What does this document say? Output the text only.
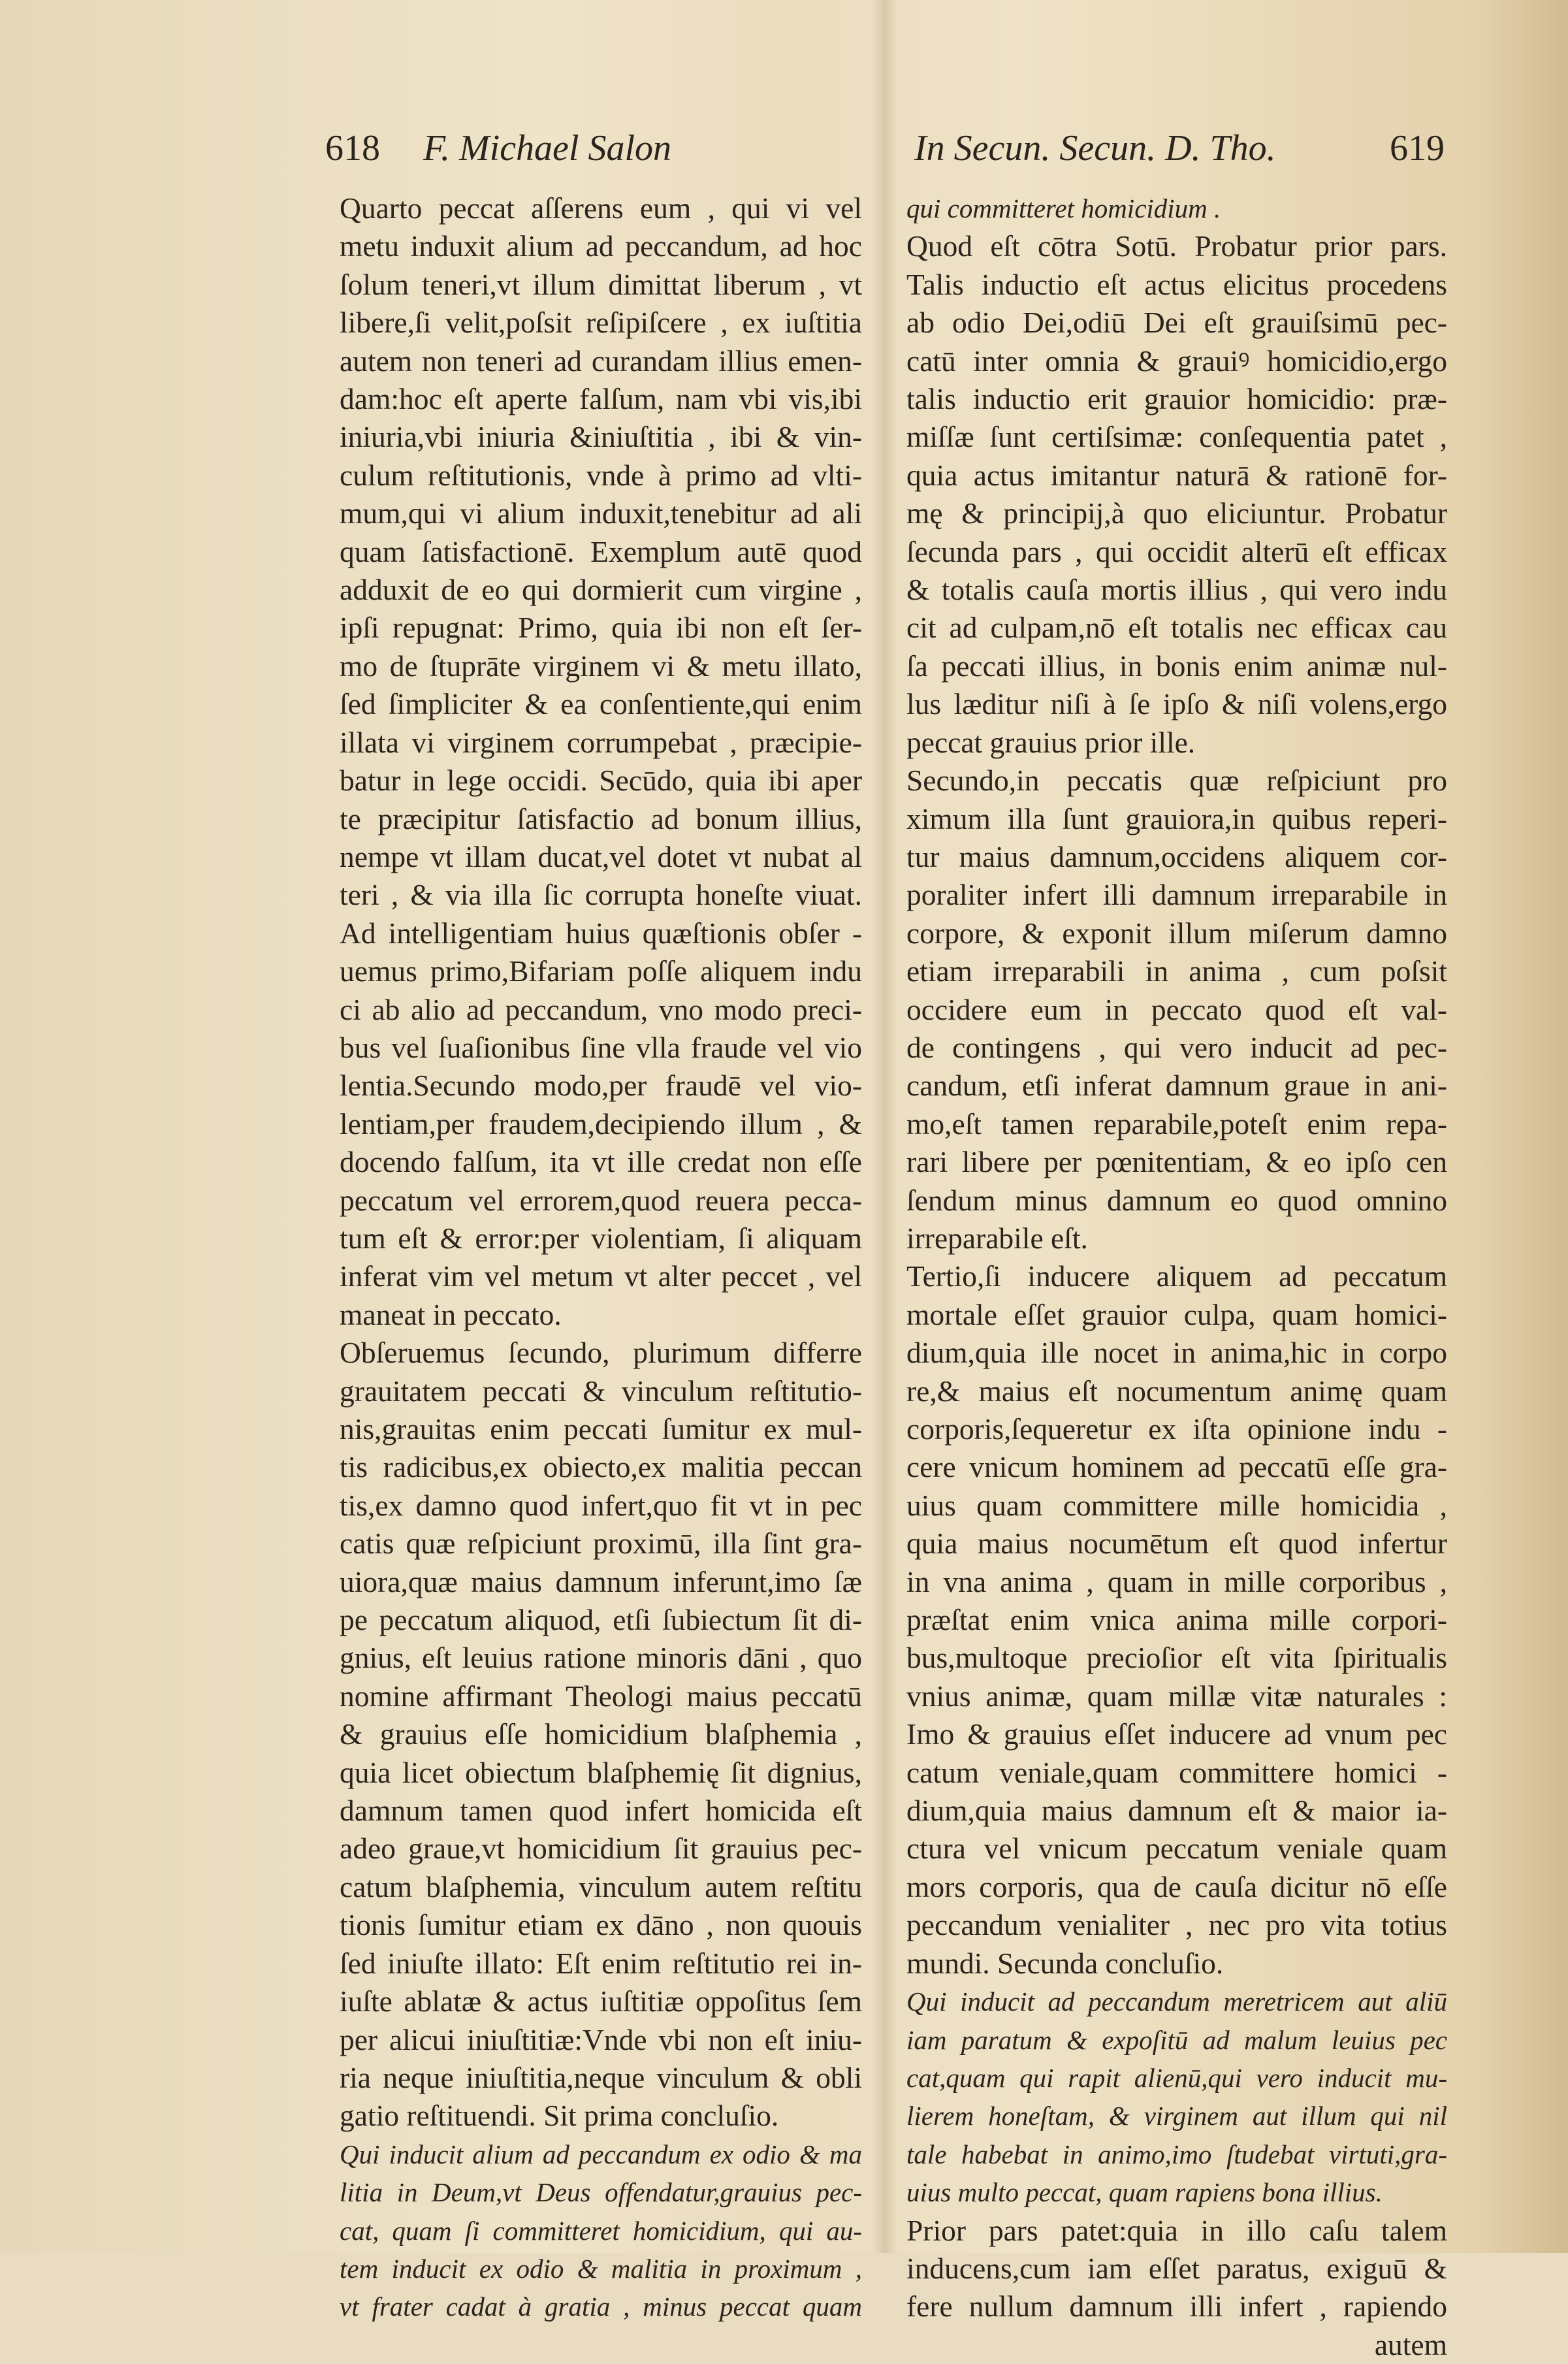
618 F. Michael Salon	In Secun. Secun. D. Tho.	619
Quarto peccat aſſerens eum , qui vi vel
metu induxit alium ad peccandum, ad hoc
ſolum teneri,vt illum dimittat liberum , vt
libere,ſi velit,poſsit reſipiſcere , ex iuſtitia
autem non teneri ad curandam illius emen-
dam:hoc eſt aperte falſum, nam vbi vis,ibi
iniuria,vbi iniuria &iniuſtitia , ibi & vin-
culum reſtitutionis, vnde à primo ad vlti-
mum,qui vi alium induxit,tenebitur ad ali
quam ſatisfactionē. Exemplum autē quod
adduxit de eo qui dormierit cum virgine ,
ipſi repugnat: Primo, quia ibi non eſt ſer-
mo de ſtuprāte virginem vi & metu illato,
ſed ſimpliciter & ea conſentiente,qui enim
illata vi virginem corrumpebat , præcipie-
batur in lege occidi. Secūdo, quia ibi aper
te præcipitur ſatisfactio ad bonum illius,
nempe vt illam ducat,vel dotet vt nubat al
teri , & via illa ſic corrupta honeſte viuat.
Ad intelligentiam huius quæſtionis obſer -
uemus primo,Bifariam poſſe aliquem indu
ci ab alio ad peccandum, vno modo preci-
bus vel ſuaſionibus ſine vlla fraude vel vio
lentia.Secundo modo,per fraudē vel vio-
lentiam,per fraudem,decipiendo illum , &
docendo falſum, ita vt ille credat non eſſe
peccatum vel errorem,quod reuera pecca-
tum eſt & error:per violentiam, ſi aliquam
inferat vim vel metum vt alter peccet , vel
maneat in peccato.
Obſeruemus ſecundo, plurimum differre
grauitatem peccati & vinculum reſtitutio-
nis,grauitas enim peccati ſumitur ex mul-
tis radicibus,ex obiecto,ex malitia peccan
tis,ex damno quod infert,quo fit vt in pec
catis quæ reſpiciunt proximū, illa ſint gra-
uiora,quæ maius damnum inferunt,imo ſæ
pe peccatum aliquod, etſi ſubiectum ſit di-
gnius, eſt leuius ratione minoris dāni , quo
nomine affirmant Theologi maius peccatū
& grauius eſſe homicidium blaſphemia ,
quia licet obiectum blaſphemię ſit dignius,
damnum tamen quod infert homicida eſt
adeo graue,vt homicidium ſit grauius pec-
catum blaſphemia, vinculum autem reſtitu
tionis ſumitur etiam ex dāno , non quouis
ſed iniuſte illato: Eſt enim reſtitutio rei in-
iuſte ablatæ & actus iuſtitiæ oppoſitus ſem
per alicui iniuſtitiæ:Vnde vbi non eſt iniu-
ria neque iniuſtitia,neque vinculum & obli
gatio reſtituendi. Sit prima concluſio.
Qui inducit alium ad peccandum ex odio & ma
litia in Deum,vt Deus offendatur,grauius pec-
cat, quam ſi committeret homicidium, qui au-
tem inducit ex odio & malitia in proximum ,
vt frater cadat à gratia , minus peccat quam
qui committeret homicidium .
Quod eſt cōtra Sotū. Probatur prior pars.
Talis inductio eſt actus elicitus procedens
ab odio Dei,odiū Dei eſt grauiſsimū pec-
catū inter omnia & grauiꝰ homicidio,ergo
talis inductio erit grauior homicidio: præ-
miſſæ ſunt certiſsimæ: conſequentia patet ,
quia actus imitantur naturā & rationē for-
mę & principij,à quo eliciuntur. Probatur
ſecunda pars , qui occidit alterū eſt efficax
& totalis cauſa mortis illius , qui vero indu
cit ad culpam,nō eſt totalis nec efficax cau
ſa peccati illius, in bonis enim animæ nul-
lus læditur niſi à ſe ipſo & niſi volens,ergo
peccat grauius prior ille.
Secundo,in peccatis quæ reſpiciunt pro
ximum illa ſunt grauiora,in quibus reperi-
tur maius damnum,occidens aliquem cor-
poraliter infert illi damnum irreparabile in
corpore, & exponit illum miſerum damno
etiam irreparabili in anima , cum poſsit
occidere eum in peccato quod eſt val-
de contingens , qui vero inducit ad pec-
candum, etſi inferat damnum graue in ani-
mo,eſt tamen reparabile,poteſt enim repa-
rari libere per pœnitentiam, & eo ipſo cen
ſendum minus damnum eo quod omnino
irreparabile eſt.
Tertio,ſi inducere aliquem ad peccatum
mortale eſſet grauior culpa, quam homici-
dium,quia ille nocet in anima,hic in corpo
re,& maius eſt nocumentum animę quam
corporis,ſequeretur ex iſta opinione indu -
cere vnicum hominem ad peccatū eſſe gra-
uius quam committere mille homicidia ,
quia maius nocumētum eſt quod infertur
in vna anima , quam in mille corporibus ,
præſtat enim vnica anima mille corpori-
bus,multoque precioſior eſt vita ſpiritualis
vnius animæ, quam millæ vitæ naturales :
Imo & grauius eſſet inducere ad vnum pec
catum veniale,quam committere homici -
dium,quia maius damnum eſt & maior ia-
ctura vel vnicum peccatum veniale quam
mors corporis, qua de cauſa dicitur nō eſſe
peccandum venialiter , nec pro vita totius
mundi. Secunda concluſio.
Qui inducit ad peccandum meretricem aut aliū
iam paratum & expoſitū ad malum leuius pec
cat,quam qui rapit alienū,qui vero inducit mu-
lierem honeſtam, & virginem aut illum qui nil
tale habebat in animo,imo ſtudebat virtuti,gra-
uius multo peccat, quam rapiens bona illius.
Prior pars patet:quia in illo caſu talem
inducens,cum iam eſſet paratus, exiguū &
fere nullum damnum illi infert , rapiendo
autem
